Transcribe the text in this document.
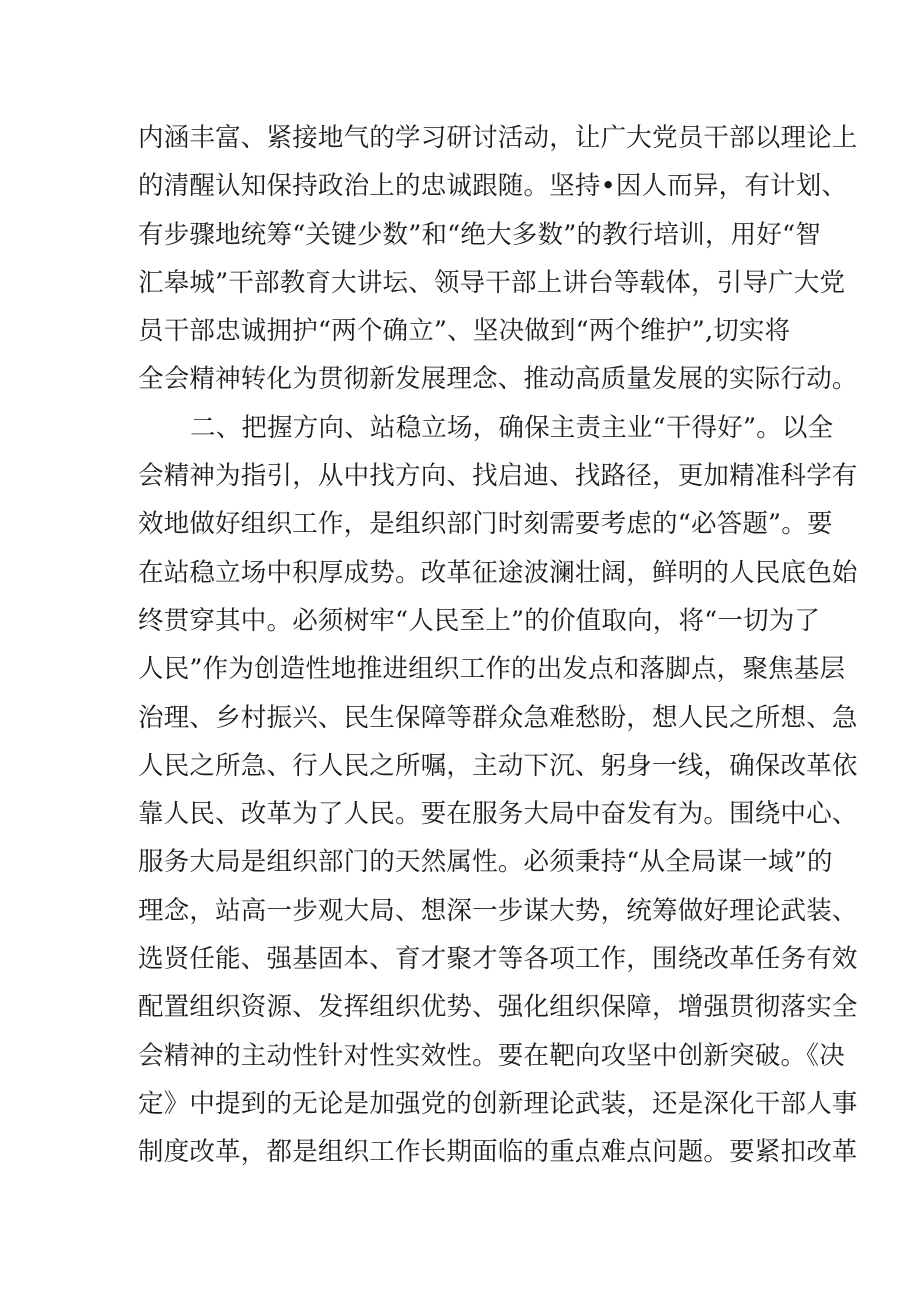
内涵丰富、紧接地气的学习研讨活动，让广大党员干部以理论上
的清醒认知保持政治上的忠诚跟随。坚持•因人而异，有计划、
有步骤地统筹“关键少数”和“绝大多数”的教行培训，用好“智
汇皋城”干部教育大讲坛、领导干部上讲台等载体，引导广大党
员干部忠诚拥护“两个确立”、坚决做到“两个维护”,切实将
全会精神转化为贯彻新发展理念、推动高质量发展的实际行动。
二、把握方向、站稳立场，确保主责主业“干得好”。以全
会精神为指引，从中找方向、找启迪、找路径，更加精准科学有
效地做好组织工作，是组织部门时刻需要考虑的“必答题”。要
在站稳立场中积厚成势。改革征途波澜壮阔，鲜明的人民底色始
终贯穿其中。必须树牢“人民至上”的价值取向，将“一切为了
人民”作为创造性地推进组织工作的出发点和落脚点，聚焦基层
治理、乡村振兴、民生保障等群众急难愁盼，想人民之所想、急
人民之所急、行人民之所嘱，主动下沉、躬身一线，确保改革依
靠人民、改革为了人民。要在服务大局中奋发有为。围绕中心、
服务大局是组织部门的天然属性。必须秉持“从全局谋一域”的
理念，站高一步观大局、想深一步谋大势，统筹做好理论武装、
选贤任能、强基固本、育才聚才等各项工作，围绕改革任务有效
配置组织资源、发挥组织优势、强化组织保障，增强贯彻落实全
会精神的主动性针对性实效性。要在靶向攻坚中创新突破。《决
定》中提到的无论是加强党的创新理论武装，还是深化干部人事
制度改革，都是组织工作长期面临的重点难点问题。要紧扣改革
